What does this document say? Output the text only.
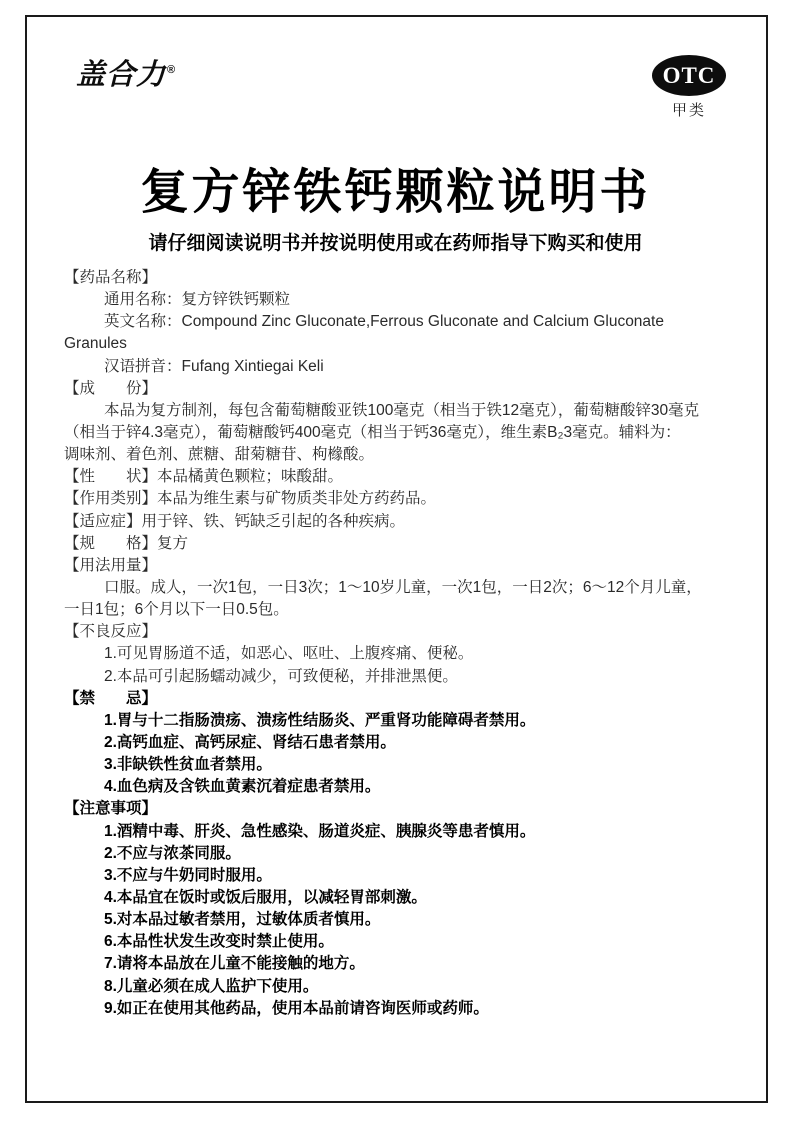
盖合力®	OTC
甲类
复方锌铁钙颗粒说明书
请仔细阅读说明书并按说明使用或在药师指导下购买和使用
【药品名称】
通用名称：复方锌铁钙颗粒
英文名称：Compound Zinc Gluconate,Ferrous Gluconate and Calcium Gluconate
Granules
汉语拼音：Fufang Xintiegai Keli
【成　　份】
本品为复方制剂，每包含葡萄糖酸亚铁100毫克（相当于铁12毫克），葡萄糖酸锌30毫克
（相当于锌4.3毫克），葡萄糖酸钙400毫克（相当于钙36毫克），维生素B₂3毫克。辅料为：
调味剂、着色剂、蔗糖、甜菊糖苷、枸橼酸。
【性　　状】本品橘黄色颗粒；味酸甜。
【作用类别】本品为维生素与矿物质类非处方药药品。
【适应症】用于锌、铁、钙缺乏引起的各种疾病。
【规　　格】复方
【用法用量】
口服。成人，一次1包，一日3次；1～10岁儿童，一次1包，一日2次；6～12个月儿童，
一日1包；6个月以下一日0.5包。
【不良反应】
1.可见胃肠道不适，如恶心、呕吐、上腹疼痛、便秘。
2.本品可引起肠蠕动减少，可致便秘，并排泄黑便。
【禁　　忌】
1.胃与十二指肠溃疡、溃疡性结肠炎、严重肾功能障碍者禁用。
2.高钙血症、高钙尿症、肾结石患者禁用。
3.非缺铁性贫血者禁用。
4.血色病及含铁血黄素沉着症患者禁用。
【注意事项】
1.酒精中毒、肝炎、急性感染、肠道炎症、胰腺炎等患者慎用。
2.不应与浓茶同服。
3.不应与牛奶同时服用。
4.本品宜在饭时或饭后服用，以减轻胃部刺激。
5.对本品过敏者禁用，过敏体质者慎用。
6.本品性状发生改变时禁止使用。
7.请将本品放在儿童不能接触的地方。
8.儿童必须在成人监护下使用。
9.如正在使用其他药品，使用本品前请咨询医师或药师。
